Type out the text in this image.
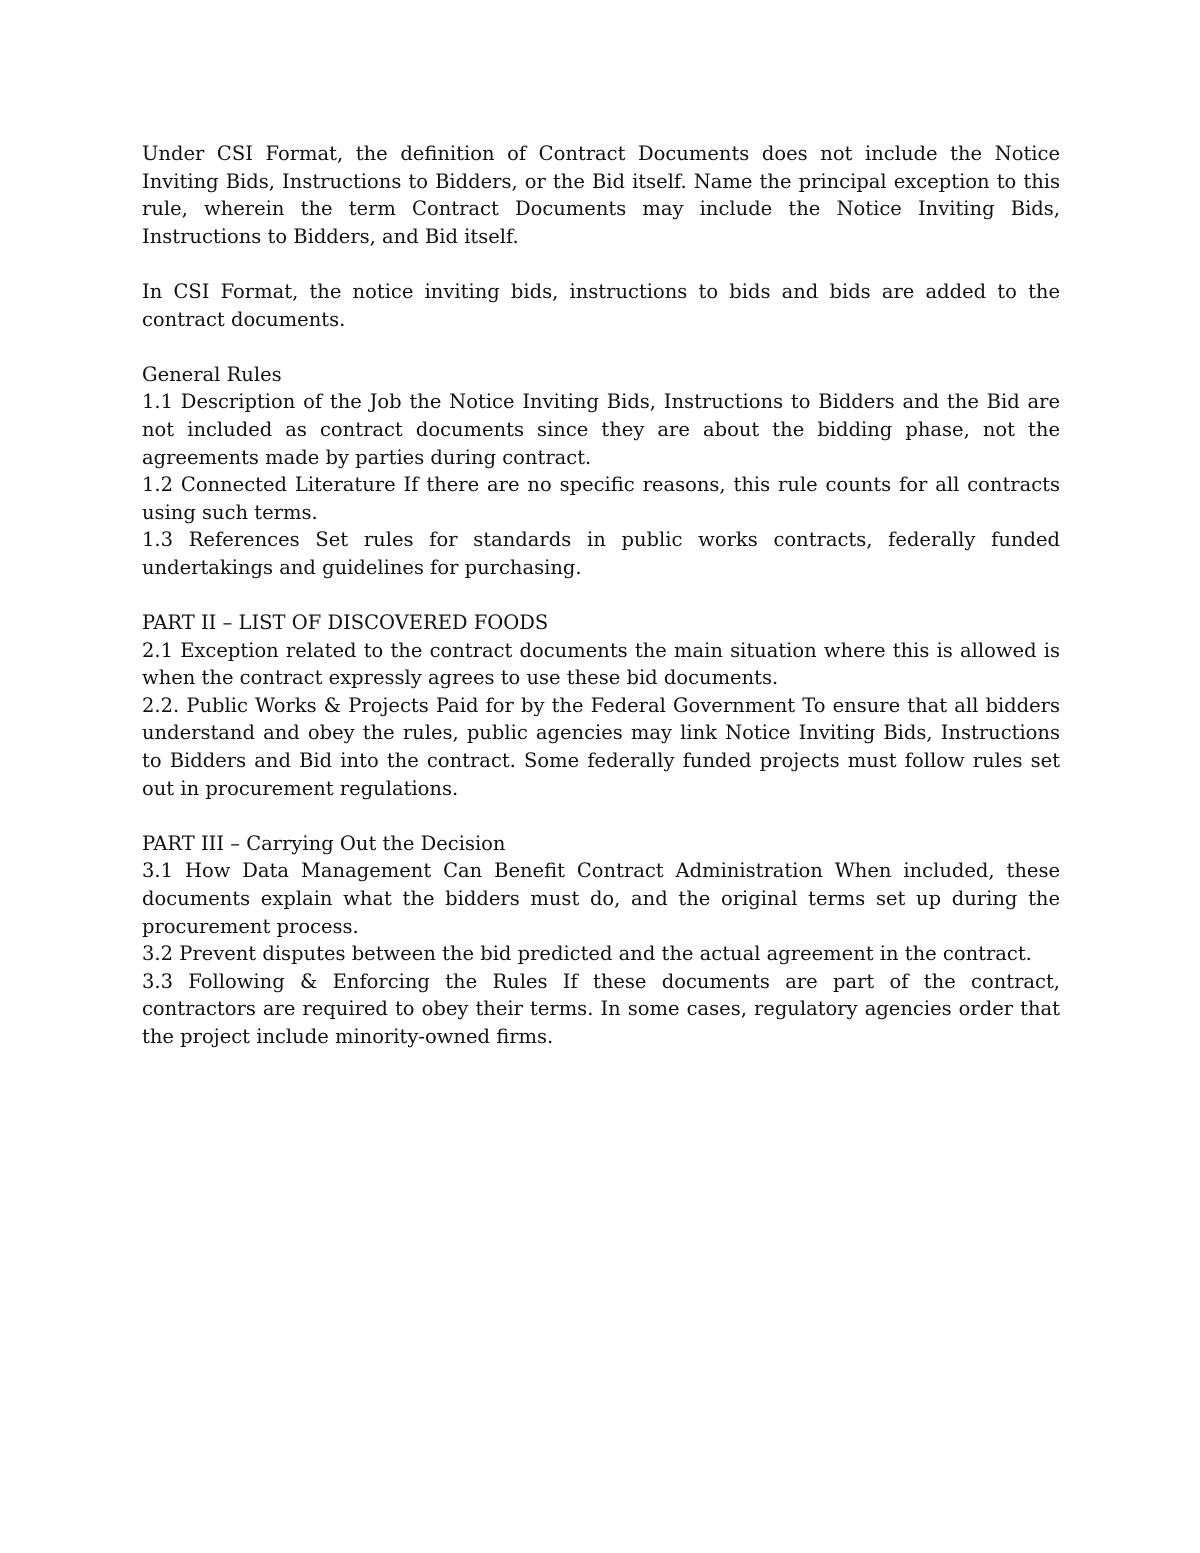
Under CSI Format, the definition of Contract Documents does not include the Notice Inviting Bids, Instructions to Bidders, or the Bid itself. Name the principal exception to this rule, wherein the term Contract Documents may include the Notice Inviting Bids, Instructions to Bidders, and Bid itself.

In CSI Format, the notice inviting bids, instructions to bids and bids are added to the contract documents.

General Rules

1.1 Description of the Job the Notice Inviting Bids, Instructions to Bidders and the Bid are not included as contract documents since they are about the bidding phase, not the agreements made by parties during contract.

1.2 Connected Literature If there are no specific reasons, this rule counts for all contracts using such terms.

1.3 References Set rules for standards in public works contracts, federally funded undertakings and guidelines for purchasing.

PART II – LIST OF DISCOVERED FOODS

2.1 Exception related to the contract documents the main situation where this is allowed is when the contract expressly agrees to use these bid documents.

2.2. Public Works & Projects Paid for by the Federal Government To ensure that all bidders understand and obey the rules, public agencies may link Notice Inviting Bids, Instructions to Bidders and Bid into the contract. Some federally funded projects must follow rules set out in procurement regulations.

PART III – Carrying Out the Decision

3.1 How Data Management Can Benefit Contract Administration When included, these documents explain what the bidders must do, and the original terms set up during the procurement process.

3.2 Prevent disputes between the bid predicted and the actual agreement in the contract.

3.3 Following & Enforcing the Rules If these documents are part of the contract, contractors are required to obey their terms. In some cases, regulatory agencies order that the project include minority-owned firms.
